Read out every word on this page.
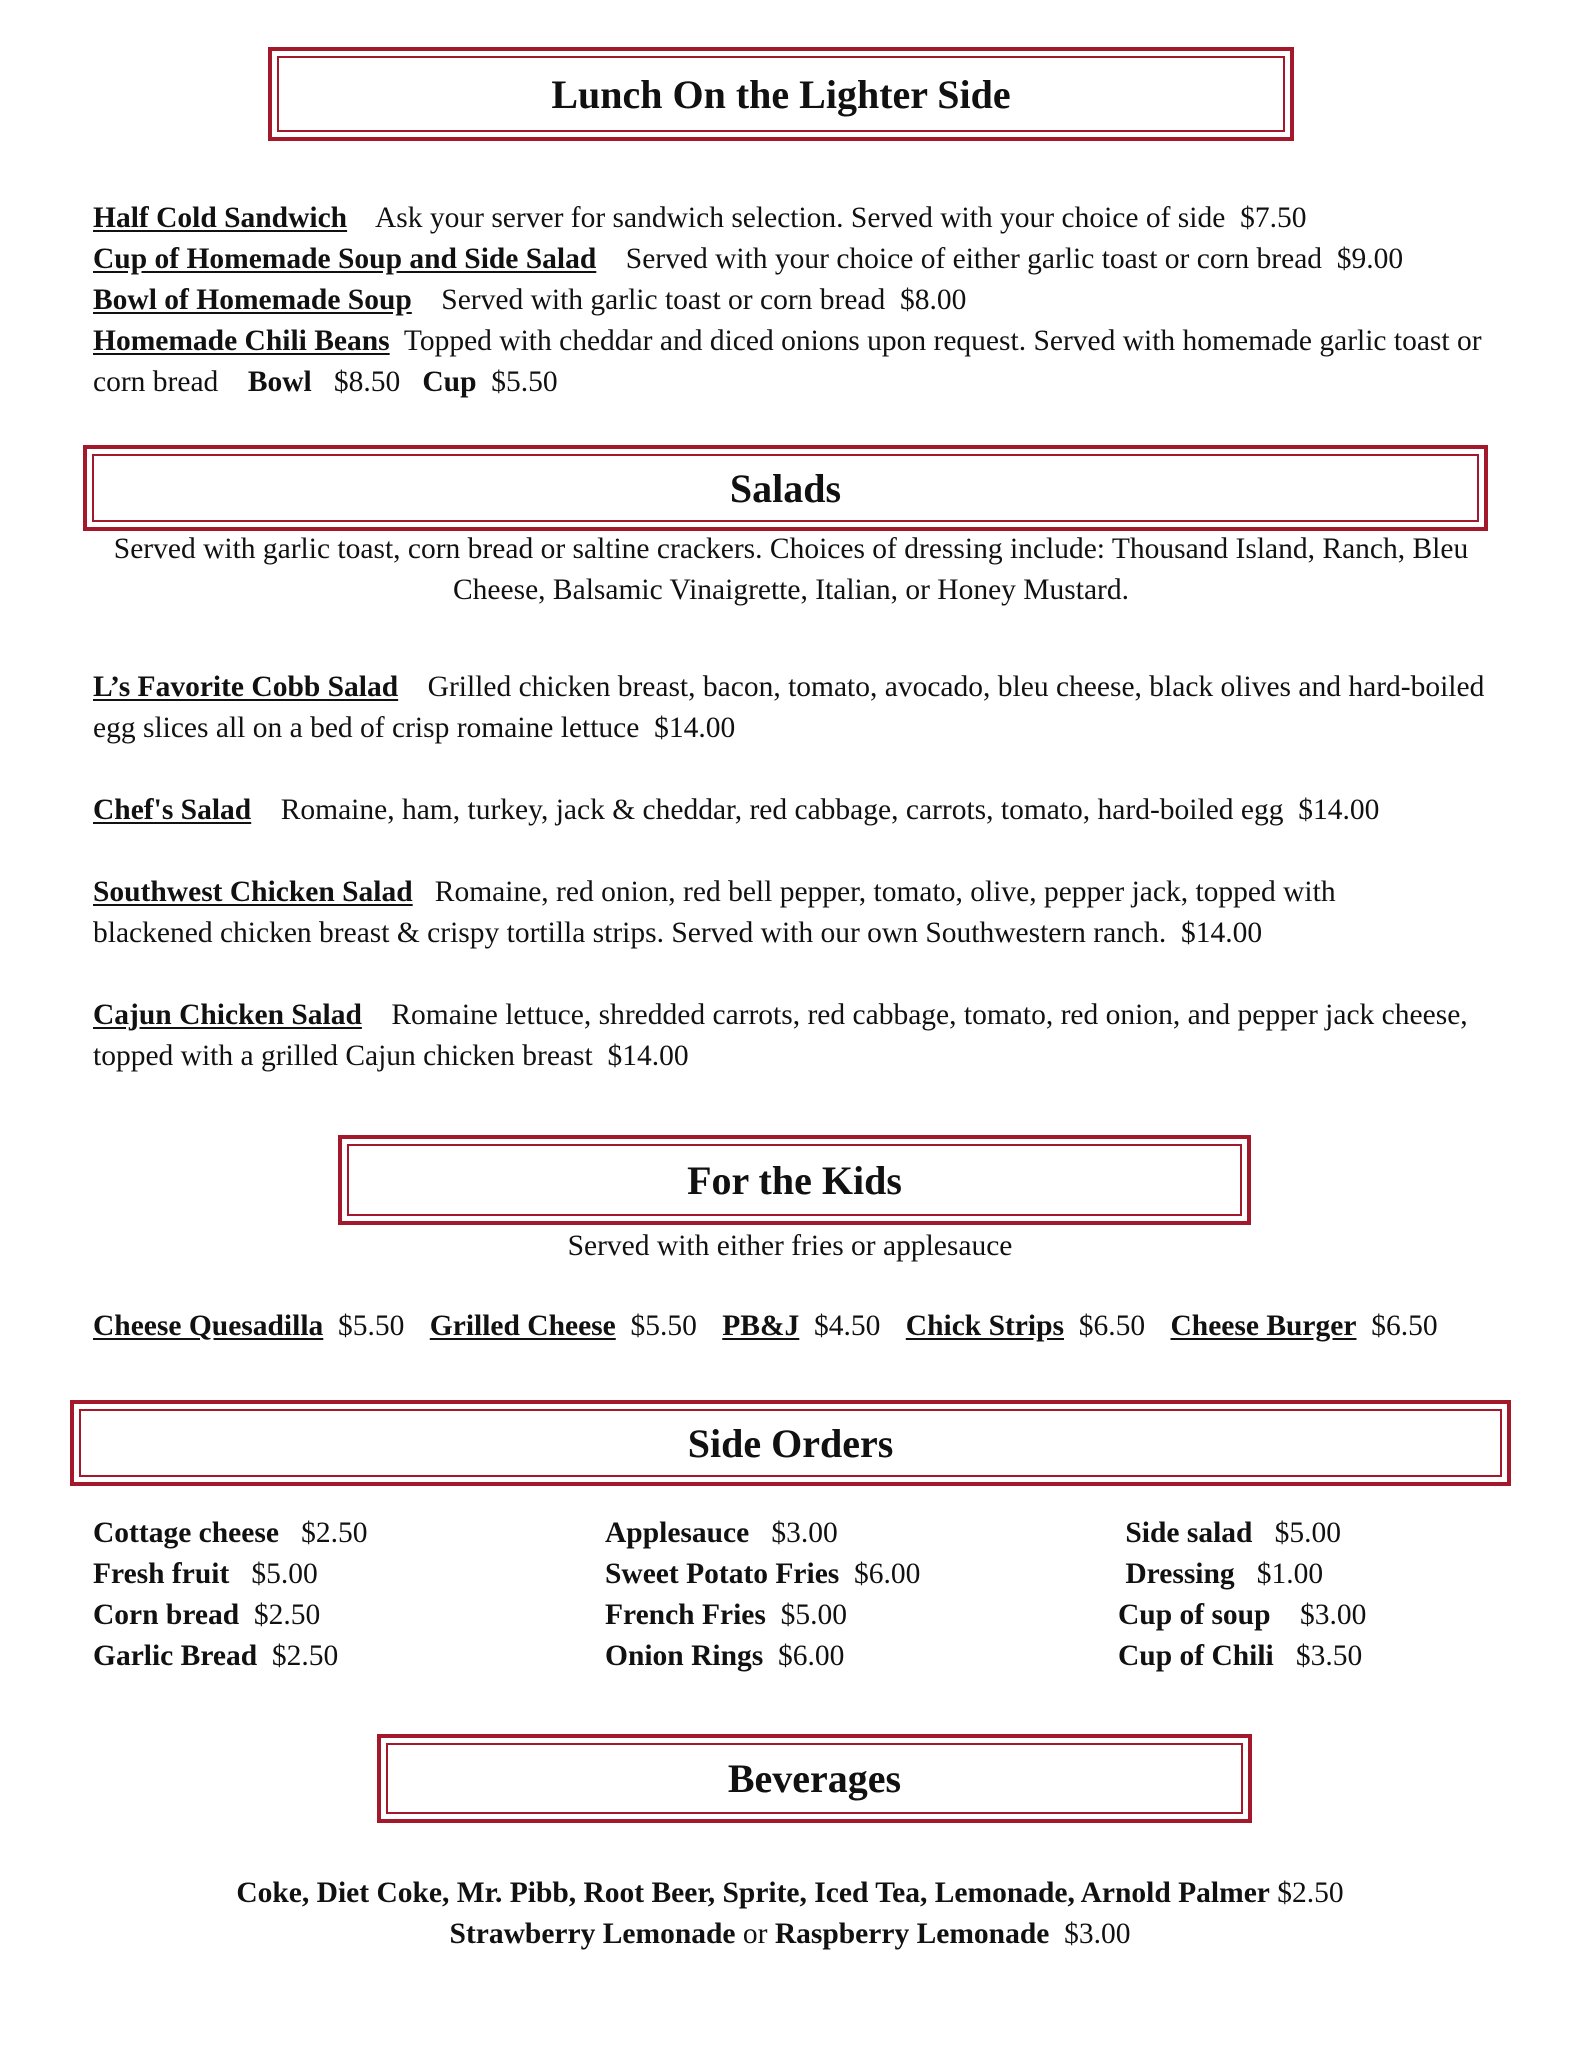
Lunch On the Lighter Side

Half Cold Sandwich Ask your server for sandwich selection. Served with your choice of side $7.50

Cup of Homemade Soup and Side Salad Served with your choice of either garlic toast or corn bread $9.00

Bowl of Homemade Soup Served with garlic toast or corn bread $8.00

Homemade Chili Beans Topped with cheddar and diced onions upon request. Served with homemade garlic toast or corn bread Bowl $8.50 Cup $5.50

Salads

Served with garlic toast, corn bread or saltine crackers. Choices of dressing include: Thousand Island, Ranch, Bleu Cheese, Balsamic Vinaigrette, Italian, or Honey Mustard.

L’s Favorite Cobb Salad Grilled chicken breast, bacon, tomato, avocado, bleu cheese, black olives and hard-boiled egg slices all on a bed of crisp romaine lettuce $14.00

Chef's Salad Romaine, ham, turkey, jack & cheddar, red cabbage, carrots, tomato, hard-boiled egg $14.00

Southwest Chicken Salad Romaine, red onion, red bell pepper, tomato, olive, pepper jack, topped with blackened chicken breast & crispy tortilla strips. Served with our own Southwestern ranch. $14.00

Cajun Chicken Salad Romaine lettuce, shredded carrots, red cabbage, tomato, red onion, and pepper jack cheese, topped with a grilled Cajun chicken breast $14.00

For the Kids

Served with either fries or applesauce

Cheese Quesadilla $5.50 Grilled Cheese $5.50 PB&J $4.50 Chick Strips $6.50 Cheese Burger $6.50
Side Orders
Cottage cheese $2.50
Fresh fruit $5.00
Corn bread $2.50
Garlic Bread $2.50
Applesauce $3.00
Sweet Potato Fries $6.00
French Fries $5.00
Onion Rings $6.00
Side salad $5.00
Dressing $1.00
Cup of soup $3.00
Cup of Chili $3.50
Beverages
Coke, Diet Coke, Mr. Pibb, Root Beer, Sprite, Iced Tea, Lemonade, Arnold Palmer $2.50
Strawberry Lemonade or Raspberry Lemonade $3.00
